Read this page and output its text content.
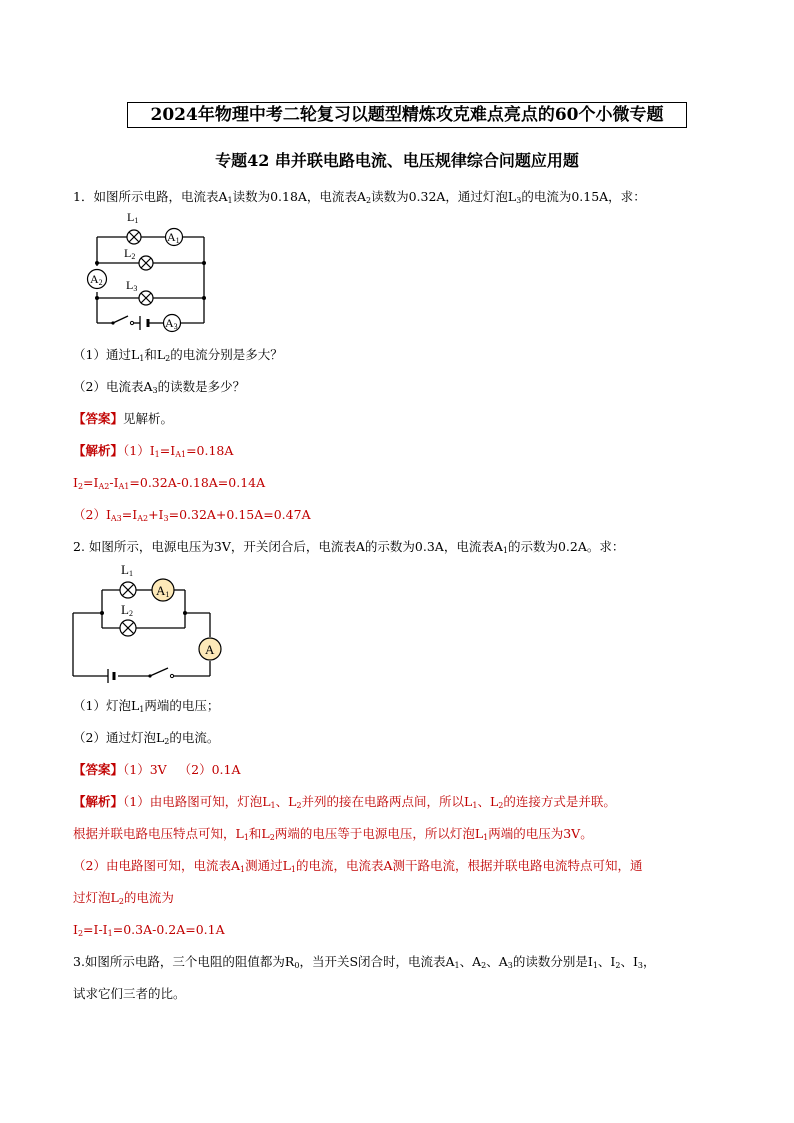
2024年物理中考二轮复习以题型精炼攻克难点亮点的60个小微专题
专题42 串并联电路电流、电压规律综合问题应用题
1．如图所示电路，电流表$A_1$读数为0.18A，电流表$A_2$读数为0.32A，通过灯泡$L_3$的电流为0.15A，求：
A1
A2
A3
L1
L2
L3
（1）通过$L_1$和$L_2$的电流分别是多大？
（2）电流表$A_3$的读数是多少？
【答案】见解析。
【解析】$(1)I_1=I_{A1}=0.18A$
$I_2=I_{A2}-I_{A1}=0.32A-0.18A=0.14A$
$(2)I_{A3}=I_{A2}+I_3=0.32A+0.15A=0.47A$
2. 如图所示，电源电压为3V，开关闭合后，电流表A的示数为0.3A，电流表$A_1$的示数为0.2A。求：
A1
A
L1
L2
（1）灯泡$L_1$两端的电压；
（2）通过灯泡$L_2$的电流。
【答案】（1）3V   （2）0.1A
【解析】（1）由电路图可知，灯泡$L_1$、$L_2$并列的接在电路两点间，所以$L_1$、$L_2$的连接方式是并联。
根据并联电路电压特点可知，$L_1$和$L_2$两端的电压等于电源电压，所以灯泡$L_1$两端的电压为3V。
（2）由电路图可知，电流表$A_1$测通过$L_1$的电流，电流表A测干路电流，根据并联电路电流特点可知，通
过灯泡$L_2$的电流为
$I_2=I-I_1=0.3A-0.2A=0.1A$
3.如图所示电路，三个电阻的阻值都为$R_0$，当开关S闭合时，电流表$A_1$、$A_2$、$A_3$的读数分别是$I_1$、$I_2$、$I_3$，
试求它们三者的比。
